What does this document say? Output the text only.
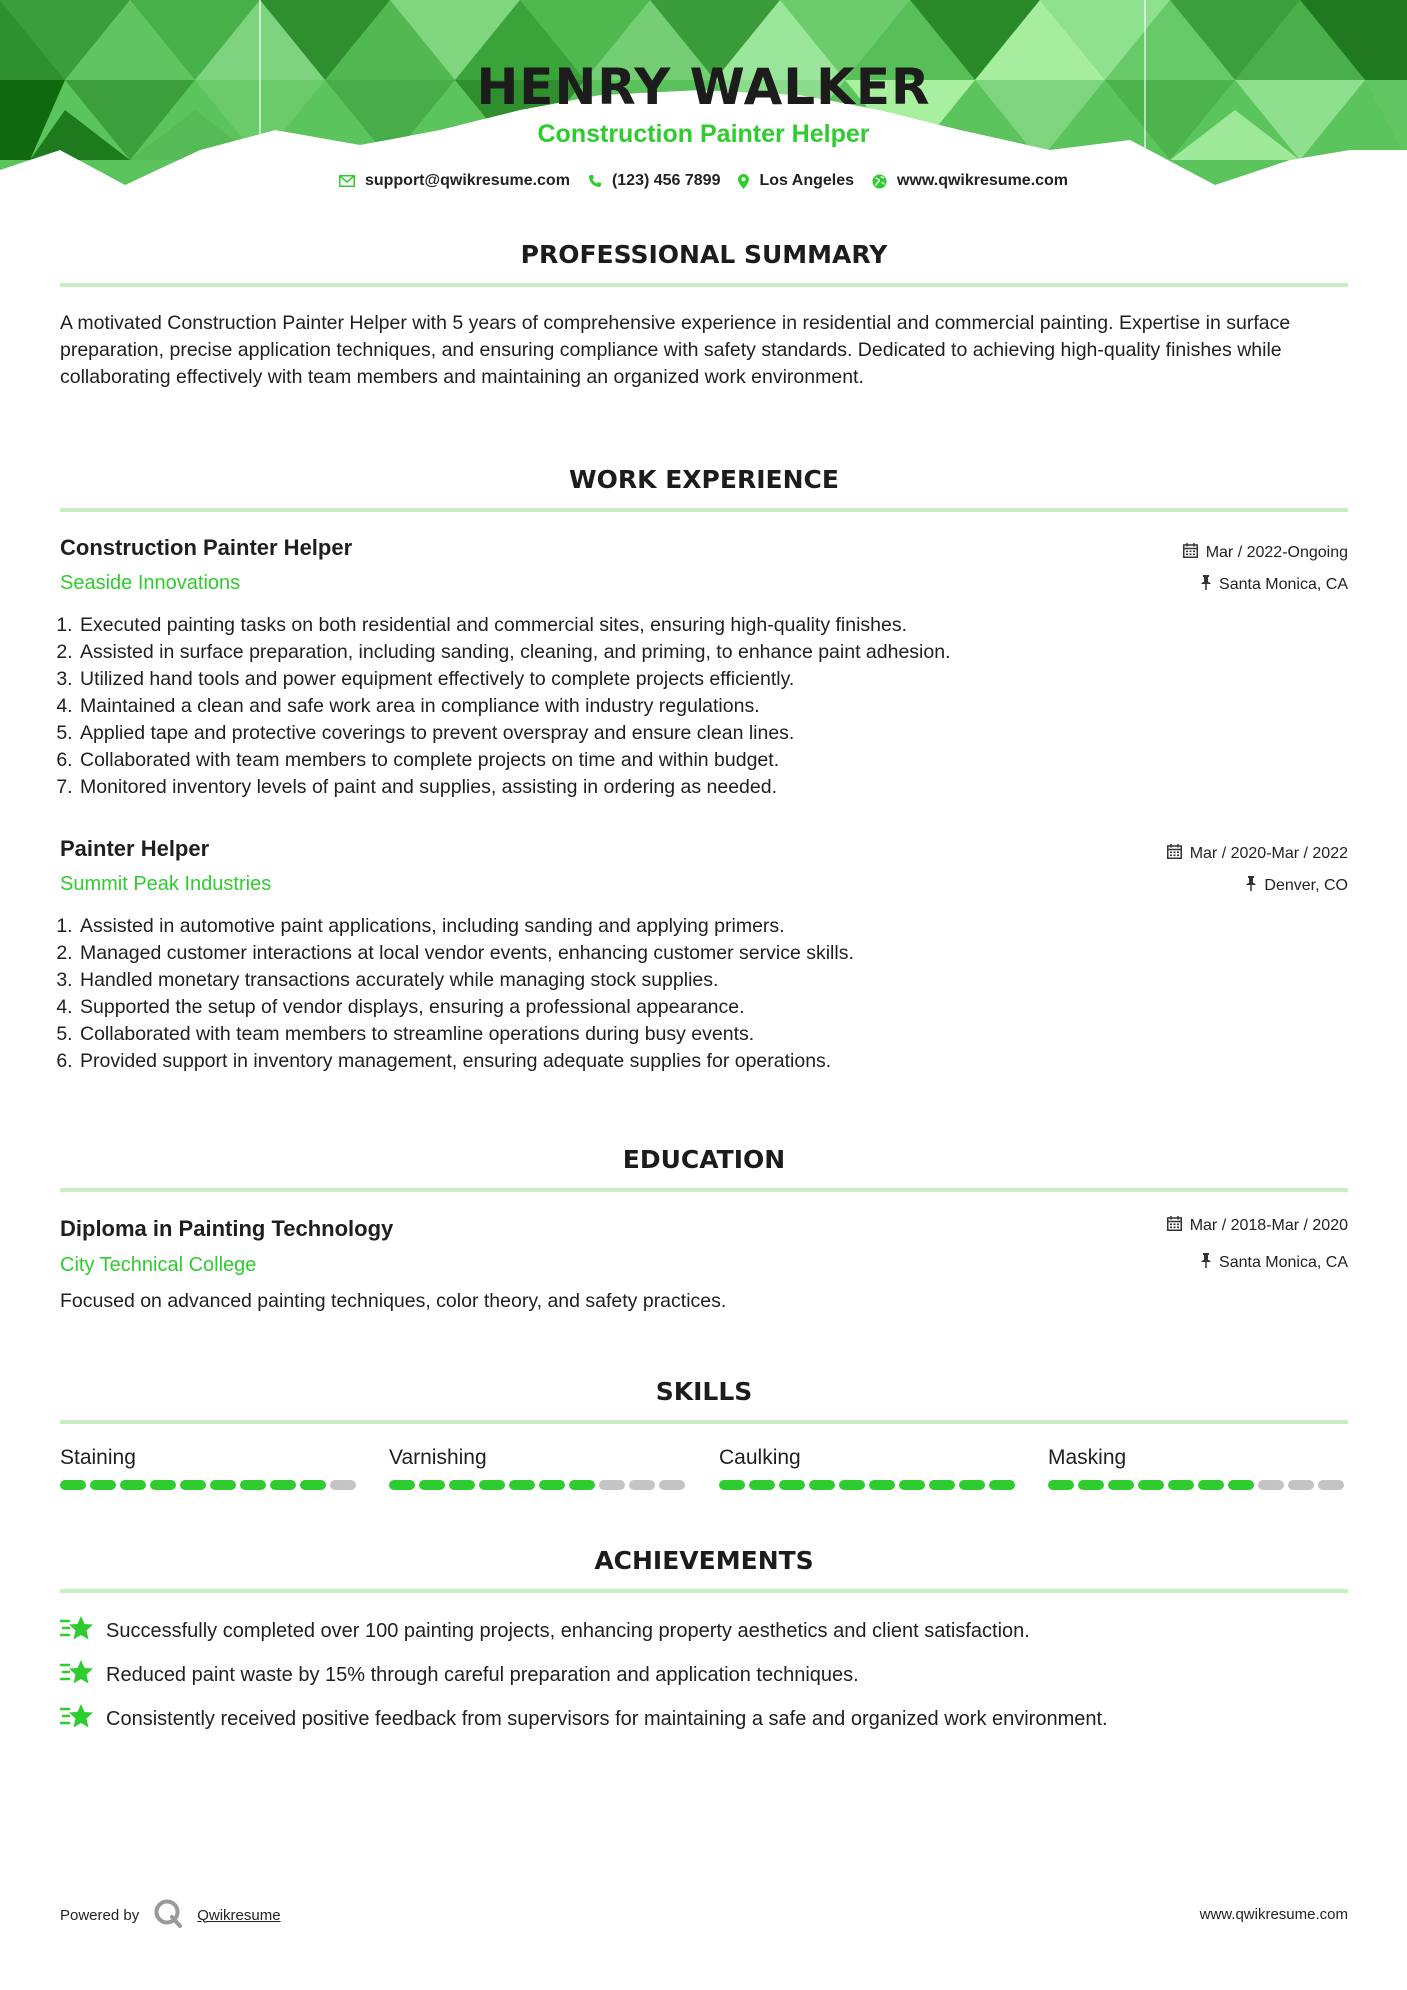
HENRY WALKER
Construction Painter Helper
support@qwikresume.com	(123) 456 7899 Los Angeles	www.qwikresume.com
PROFESSIONAL SUMMARY
A motivated Construction Painter Helper with 5 years of comprehensive experience in residential and commercial painting. Expertise in surface preparation, precise application techniques, and ensuring compliance with safety standards. Dedicated to achieving high-quality finishes while collaborating effectively with team members and maintaining an organized work environment.
WORK EXPERIENCE
Construction Painter Helper
Seaside Innovations
Mar / 2022-Ongoing
Santa Monica, CA
1. Executed painting tasks on both residential and commercial sites, ensuring high-quality finishes.
2. Assisted in surface preparation, including sanding, cleaning, and priming, to enhance paint adhesion.
3. Utilized hand tools and power equipment effectively to complete projects efficiently.
4. Maintained a clean and safe work area in compliance with industry regulations.
5. Applied tape and protective coverings to prevent overspray and ensure clean lines.
6. Collaborated with team members to complete projects on time and within budget.
7. Monitored inventory levels of paint and supplies, assisting in ordering as needed.
Painter Helper
Summit Peak Industries
Mar / 2020-Mar / 2022
Denver, CO
1. Assisted in automotive paint applications, including sanding and applying primers.
2. Managed customer interactions at local vendor events, enhancing customer service skills.
3. Handled monetary transactions accurately while managing stock supplies.
4. Supported the setup of vendor displays, ensuring a professional appearance.
5. Collaborated with team members to streamline operations during busy events.
6. Provided support in inventory management, ensuring adequate supplies for operations.
EDUCATION
Diploma in Painting Technology
City Technical College
Mar / 2018-Mar / 2020
Santa Monica, CA
Focused on advanced painting techniques, color theory, and safety practices.
SKILLS
Staining	Varnishing	Caulking	Masking
ACHIEVEMENTS
Successfully completed over 100 painting projects, enhancing property aesthetics and client satisfaction.
Reduced paint waste by 15% through careful preparation and application techniques.
Consistently received positive feedback from supervisors for maintaining a safe and organized work environment.
Powered by	Qwikresume	www.qwikresume.com
